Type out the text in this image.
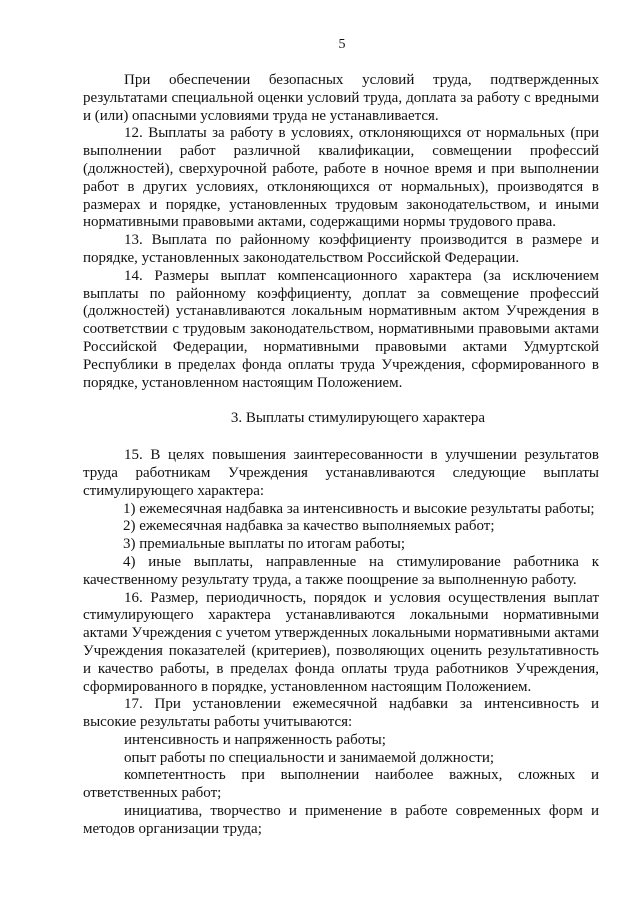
5

При обеспечении безопасных условий труда, подтвержденных результатами специальной оценки условий труда, доплата за работу с вредными и (или) опасными условиями труда не устанавливается.

12. Выплаты за работу в условиях, отклоняющихся от нормальных (при выполнении работ различной квалификации, совмещении профессий (должностей), сверхурочной работе, работе в ночное время и при выполнении работ в других условиях, отклоняющихся от нормальных), производятся в размерах и порядке, установленных трудовым законодательством, и иными нормативными правовыми актами, содержащими нормы трудового права.

13. Выплата по районному коэффициенту производится в размере и порядке, установленных законодательством Российской Федерации.

14. Размеры выплат компенсационного характера (за исключением выплаты по районному коэффициенту, доплат за совмещение профессий (должностей) устанавливаются локальным нормативным актом Учреждения в соответствии с трудовым законодательством, нормативными правовыми актами Российской Федерации, нормативными правовыми актами Удмуртской Республики в пределах фонда оплаты труда Учреждения, сформированного в порядке, установленном настоящим Положением.

3. Выплаты стимулирующего характера

15. В целях повышения заинтересованности в улучшении результатов труда работникам Учреждения устанавливаются следующие выплаты стимулирующего характера:

1) ежемесячная надбавка за интенсивность и высокие результаты работы;

2) ежемесячная надбавка за качество выполняемых работ;

3) премиальные выплаты по итогам работы;

4) иные выплаты, направленные на стимулирование работника к качественному результату труда, а также поощрение за выполненную работу.

16. Размер, периодичность, порядок и условия осуществления выплат стимулирующего характера устанавливаются локальными нормативными актами Учреждения с учетом утвержденных локальными нормативными актами Учреждения показателей (критериев), позволяющих оценить результативность и качество работы, в пределах фонда оплаты труда работников Учреждения, сформированного в порядке, установленном настоящим Положением.

17. При установлении ежемесячной надбавки за интенсивность и высокие результаты работы учитываются:

интенсивность и напряженность работы;

опыт работы по специальности и занимаемой должности;

компетентность при выполнении наиболее важных, сложных и ответственных работ;

инициатива, творчество и применение в работе современных форм и методов организации труда;
